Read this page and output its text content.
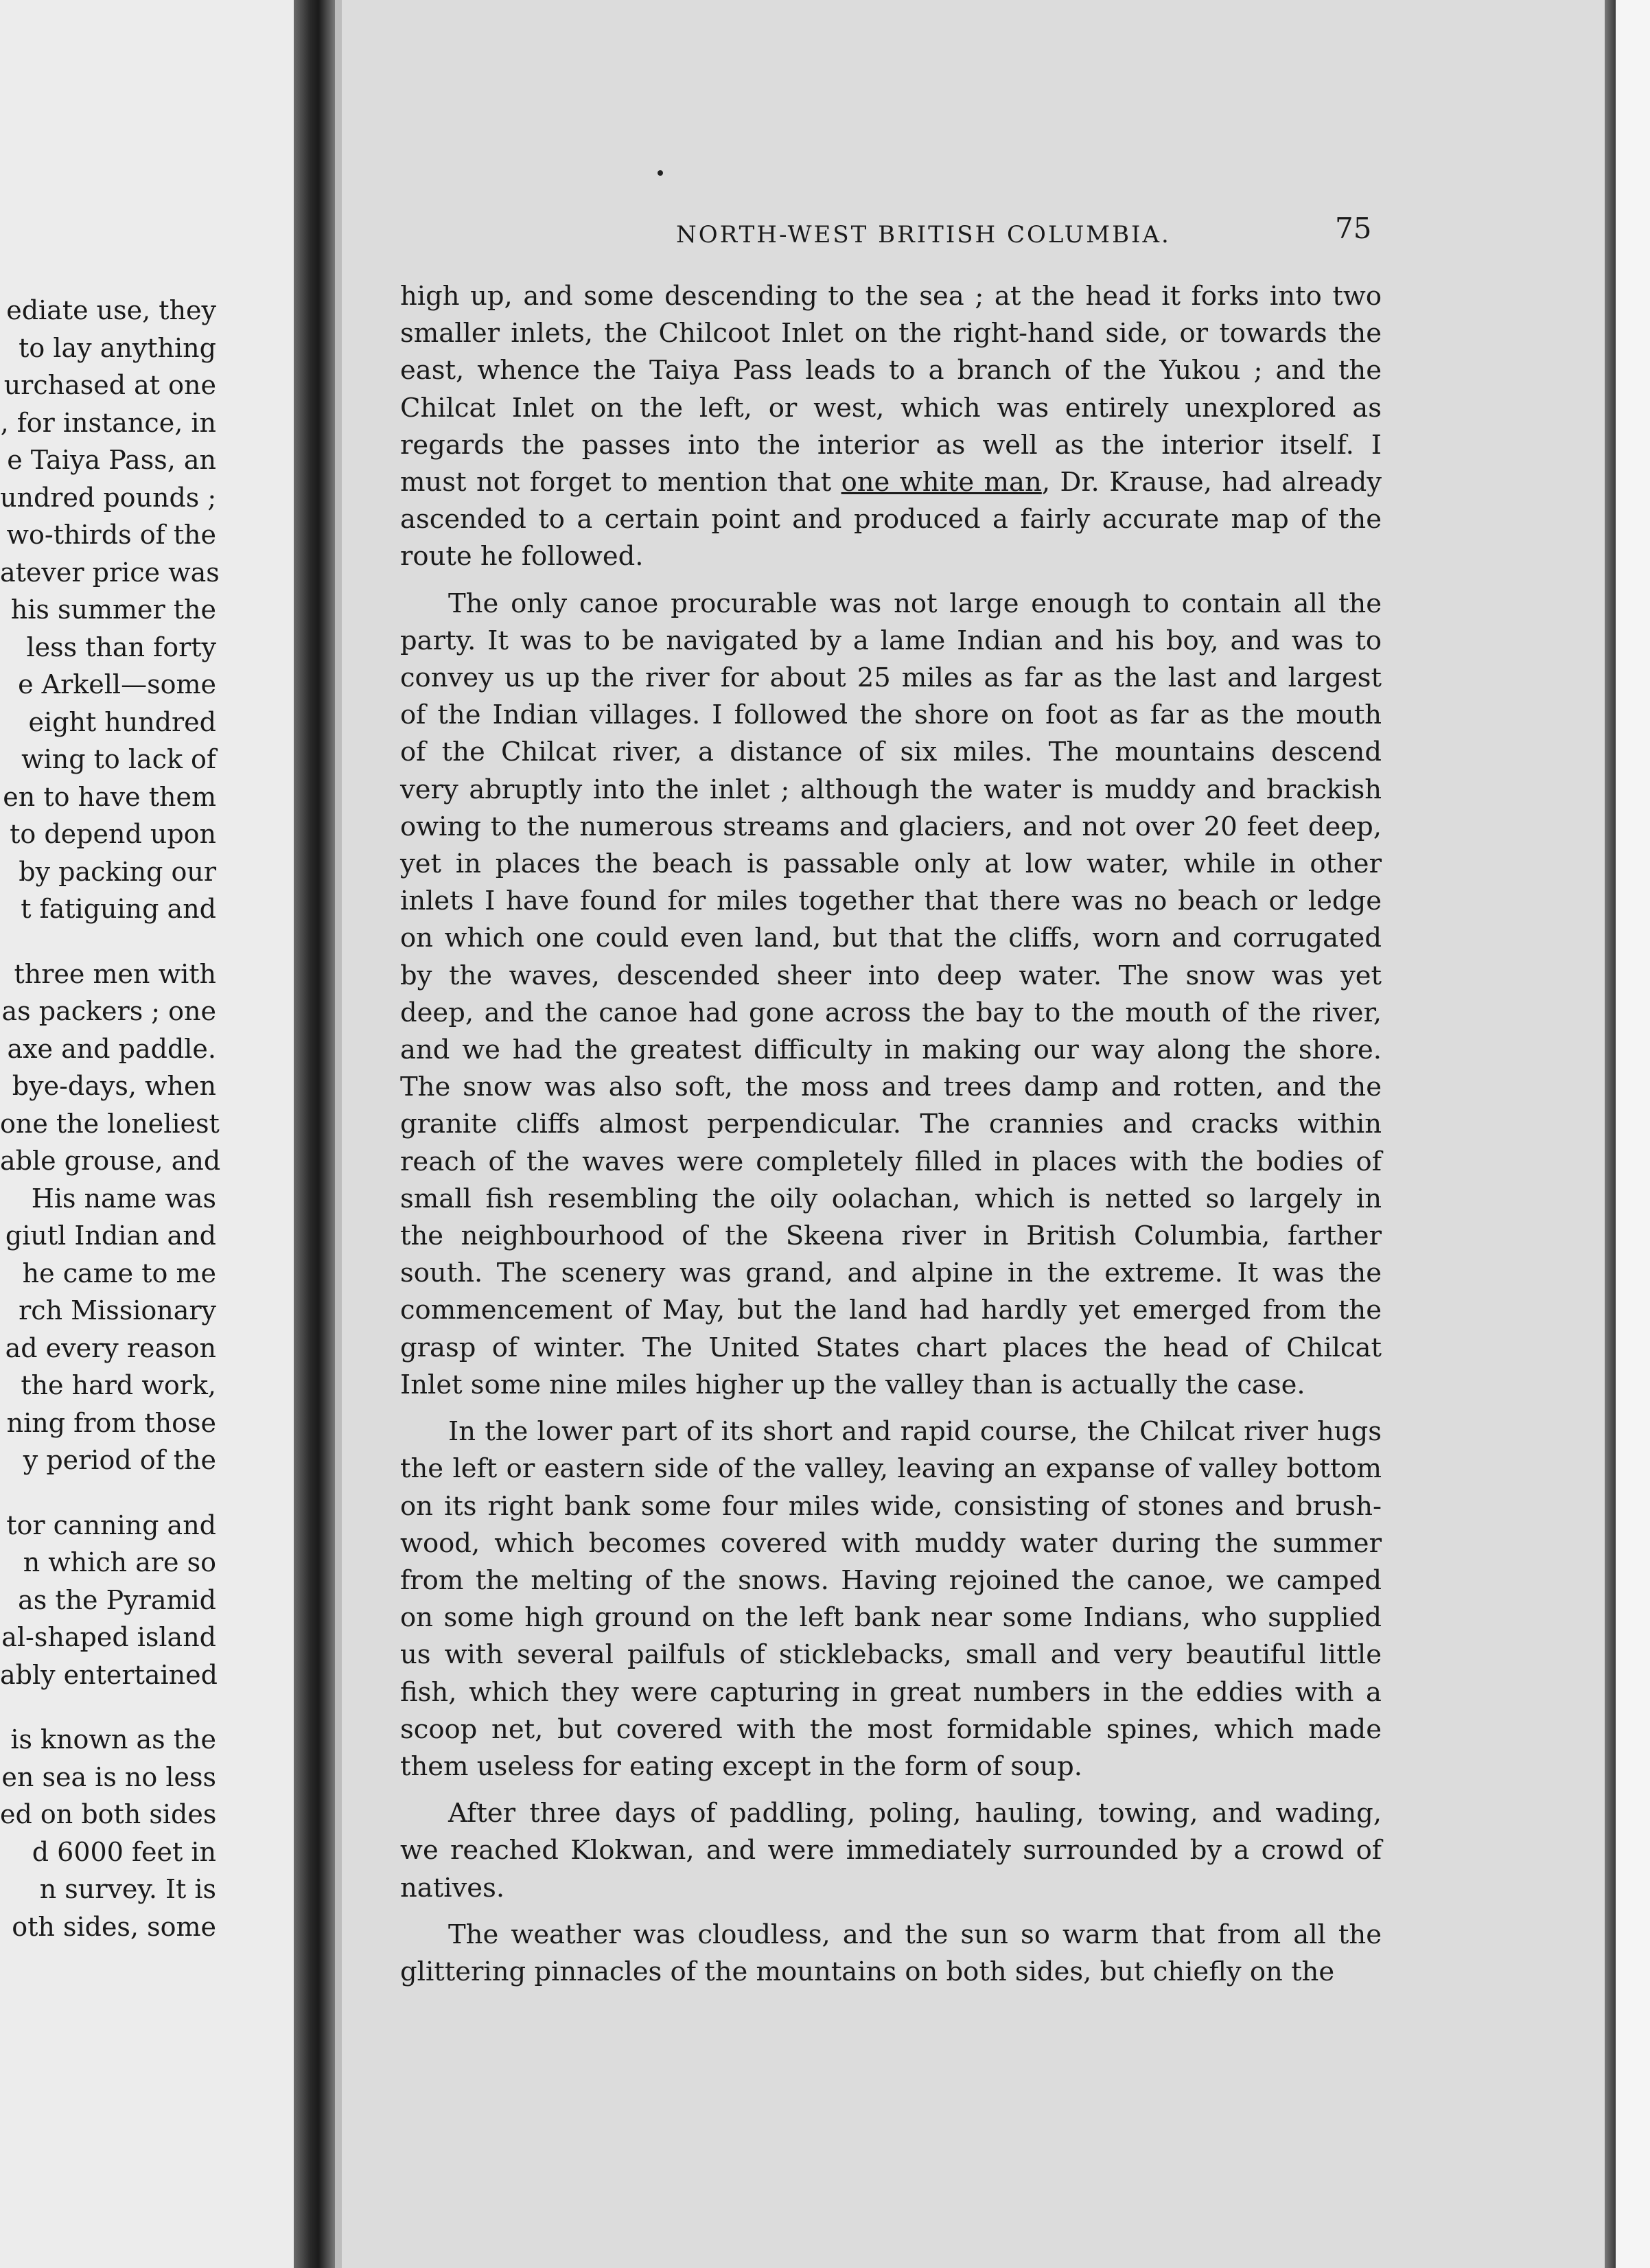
ediate use, they
to lay anything
urchased at one
, for instance, in
e Taiya Pass, an
undred pounds ;
wo-thirds of the
atever price was
his summer the
less than forty
e Arkell—some
eight hundred
wing to lack of
en to have them
to depend upon
by packing our
t fatiguing and
three men with
as packers ; one
axe and paddle.
bye-days, when
one the loneliest
able grouse, and
His name was
giutl Indian and
he came to me
rch Missionary
ad every reason
the hard work,
ning from those
y period of the
tor canning and
n which are so
as the Pyramid
al-shaped island
ably entertained
is known as the
en sea is no less
ed on both sides
d 6000 feet in
n survey. It is
oth sides, some
NORTH-WEST BRITISH COLUMBIA.	75

high up, and some descending to the sea ; at the head it forks into two
smaller inlets, the Chilcoot Inlet on the right-hand side, or towards the
east, whence the Taiya Pass leads to a branch of the Yukou ; and the
Chilcat Inlet on the left, or west, which was entirely unexplored as
regards the passes into the interior as well as the interior itself. I
must not forget to mention that one white man, Dr. Krause, had already
ascended to a certain point and produced a fairly accurate map of the
route he followed.

The only canoe procurable was not large enough to contain all the
party. It was to be navigated by a lame Indian and his boy, and was to
convey us up the river for about 25 miles as far as the last and largest
of the Indian villages. I followed the shore on foot as far as the mouth
of the Chilcat river, a distance of six miles. The mountains descend
very abruptly into the inlet ; although the water is muddy and brackish
owing to the numerous streams and glaciers, and not over 20 feet deep,
yet in places the beach is passable only at low water, while in other
inlets I have found for miles together that there was no beach or ledge
on which one could even land, but that the cliffs, worn and corrugated
by the waves, descended sheer into deep water. The snow was yet
deep, and the canoe had gone across the bay to the mouth of the river,
and we had the greatest difficulty in making our way along the shore.
The snow was also soft, the moss and trees damp and rotten, and the
granite cliffs almost perpendicular. The crannies and cracks within
reach of the waves were completely filled in places with the bodies of
small fish resembling the oily oolachan, which is netted so largely in
the neighbourhood of the Skeena river in British Columbia, farther
south. The scenery was grand, and alpine in the extreme. It was the
commencement of May, but the land had hardly yet emerged from the
grasp of winter. The United States chart places the head of Chilcat
Inlet some nine miles higher up the valley than is actually the case.

In the lower part of its short and rapid course, the Chilcat river hugs
the left or eastern side of the valley, leaving an expanse of valley bottom
on its right bank some four miles wide, consisting of stones and brush-
wood, which becomes covered with muddy water during the summer
from the melting of the snows. Having rejoined the canoe, we camped
on some high ground on the left bank near some Indians, who supplied
us with several pailfuls of sticklebacks, small and very beautiful little
fish, which they were capturing in great numbers in the eddies with a
scoop net, but covered with the most formidable spines, which made
them useless for eating except in the form of soup.

After three days of paddling, poling, hauling, towing, and wading,
we reached Klokwan, and were immediately surrounded by a crowd of
natives.

The weather was cloudless, and the sun so warm that from all the
glittering pinnacles of the mountains on both sides, but chiefly on the
